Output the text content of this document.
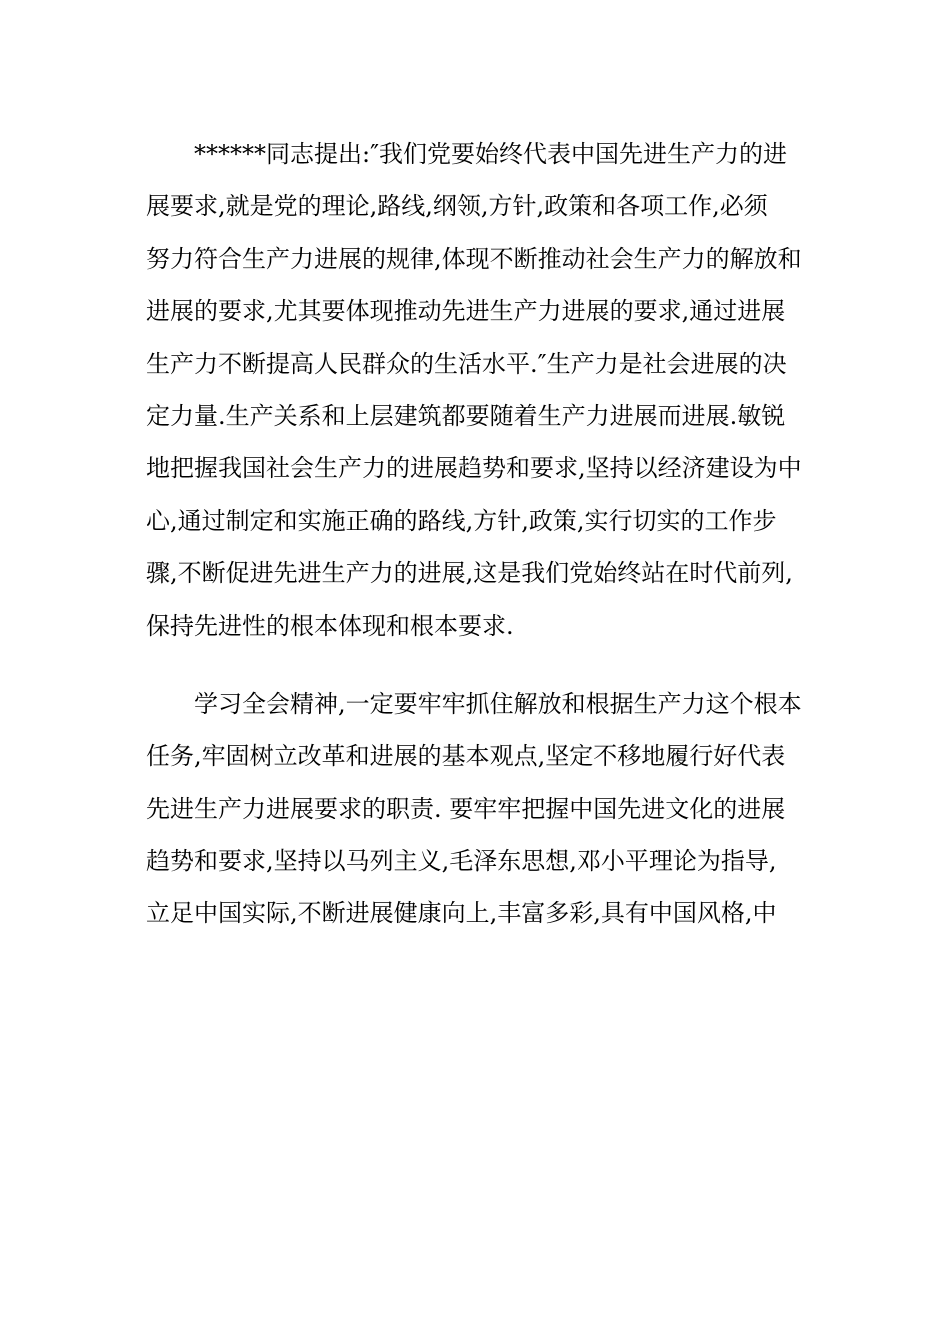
******同志提出:″我们党要始终代表中国先进生产力的进
展要求,就是党的理论,路线,纲领,方针,政策和各项工作,必须
努力符合生产力进展的规律,体现不断推动社会生产力的解放和
进展的要求,尤其要体现推动先进生产力进展的要求,通过进展
生产力不断提高人民群众的生活水平.″生产力是社会进展的决
定力量.生产关系和上层建筑都要随着生产力进展而进展.敏锐
地把握我国社会生产力的进展趋势和要求,坚持以经济建设为中
心,通过制定和实施正确的路线,方针,政策,实行切实的工作步
骤,不断促进先进生产力的进展,这是我们党始终站在时代前列,
保持先进性的根本体现和根本要求.
学习全会精神,一定要牢牢抓住解放和根据生产力这个根本
任务,牢固树立改革和进展的基本观点,坚定不移地履行好代表
先进生产力进展要求的职责. 要牢牢把握中国先进文化的进展
趋势和要求,坚持以马列主义,毛泽东思想,邓小平理论为指导,
立足中国实际,不断进展健康向上,丰富多彩,具有中国风格,中
